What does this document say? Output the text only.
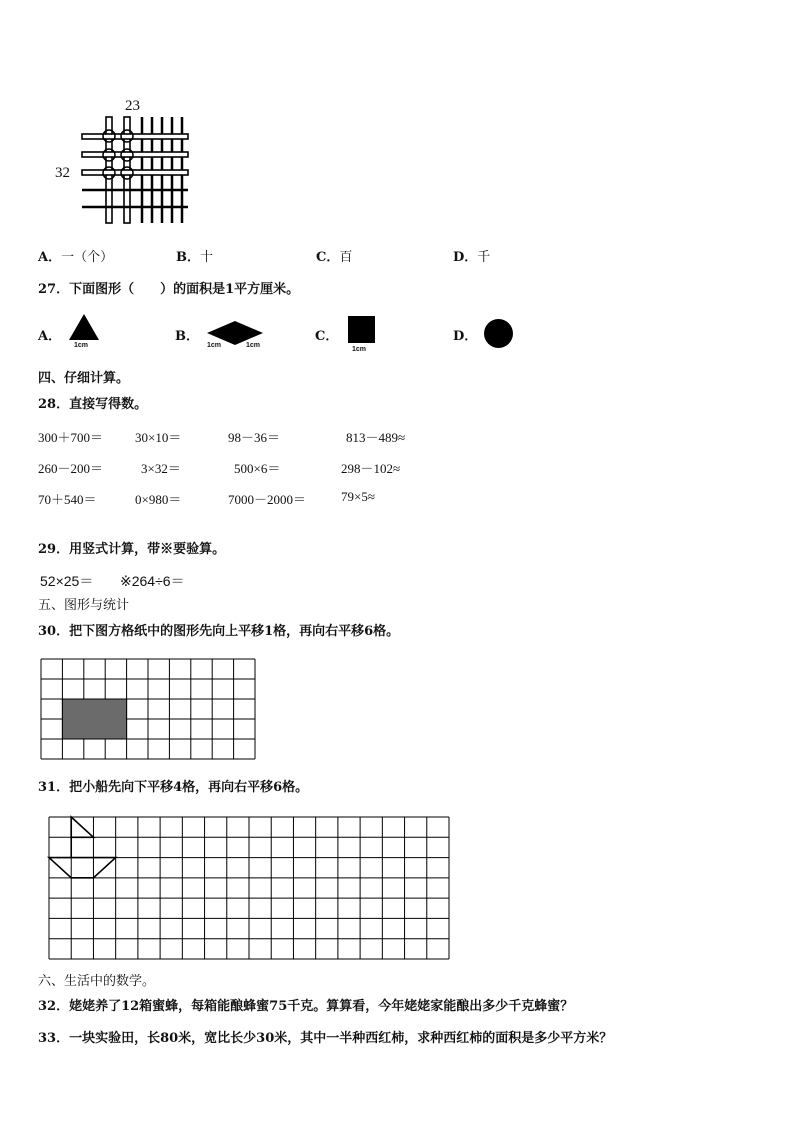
23
32
A．一（个）	B．十	C．百	D．千
27．下面图形（　　）的面积是1平方厘米。
A．
1cm
B．
1cm	1cm
C．
1cm
D．
四、仔细计算。
28．直接写得数。
300＋700＝ 30×10＝	98－36＝	813－489≈
260－200＝	3×32＝	500×6＝	298－102≈
70＋540＝	0×980＝	7000－2000＝	79×5≈
29．用竖式计算，带※要验算。
52×25＝ ※264÷6＝
五、图形与统计
30．把下图方格纸中的图形先向上平移1格，再向右平移6格。
31．把小船先向下平移4格，再向右平移6格。
六、生活中的数学。
32．姥姥养了12箱蜜蜂，每箱能酿蜂蜜75千克。算算看，今年姥姥家能酿出多少千克蜂蜜？
33．一块实验田，长80米，宽比长少30米，其中一半种西红柿，求种西红柿的面积是多少平方米？
